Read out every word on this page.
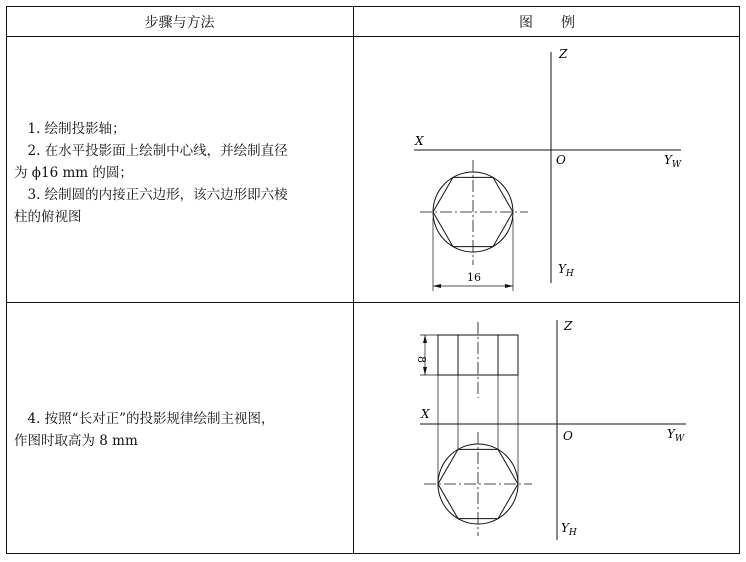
步骤与方法	图　　例
　1. 绘制投影轴；
　2. 在水平投影面上绘制中心线，并绘制直径
为 ϕ16 mm 的圆；
　3. 绘制圆的内接正六边形，该六边形即六棱
柱的俯视图
16
Z
X
O	$Y_W$
$Y_H$
　4. 按照“长对正”的投影规律绘制主视图，
作图时取高为 8 mm
8
Z
X
O	$Y_W$
$Y_H$
